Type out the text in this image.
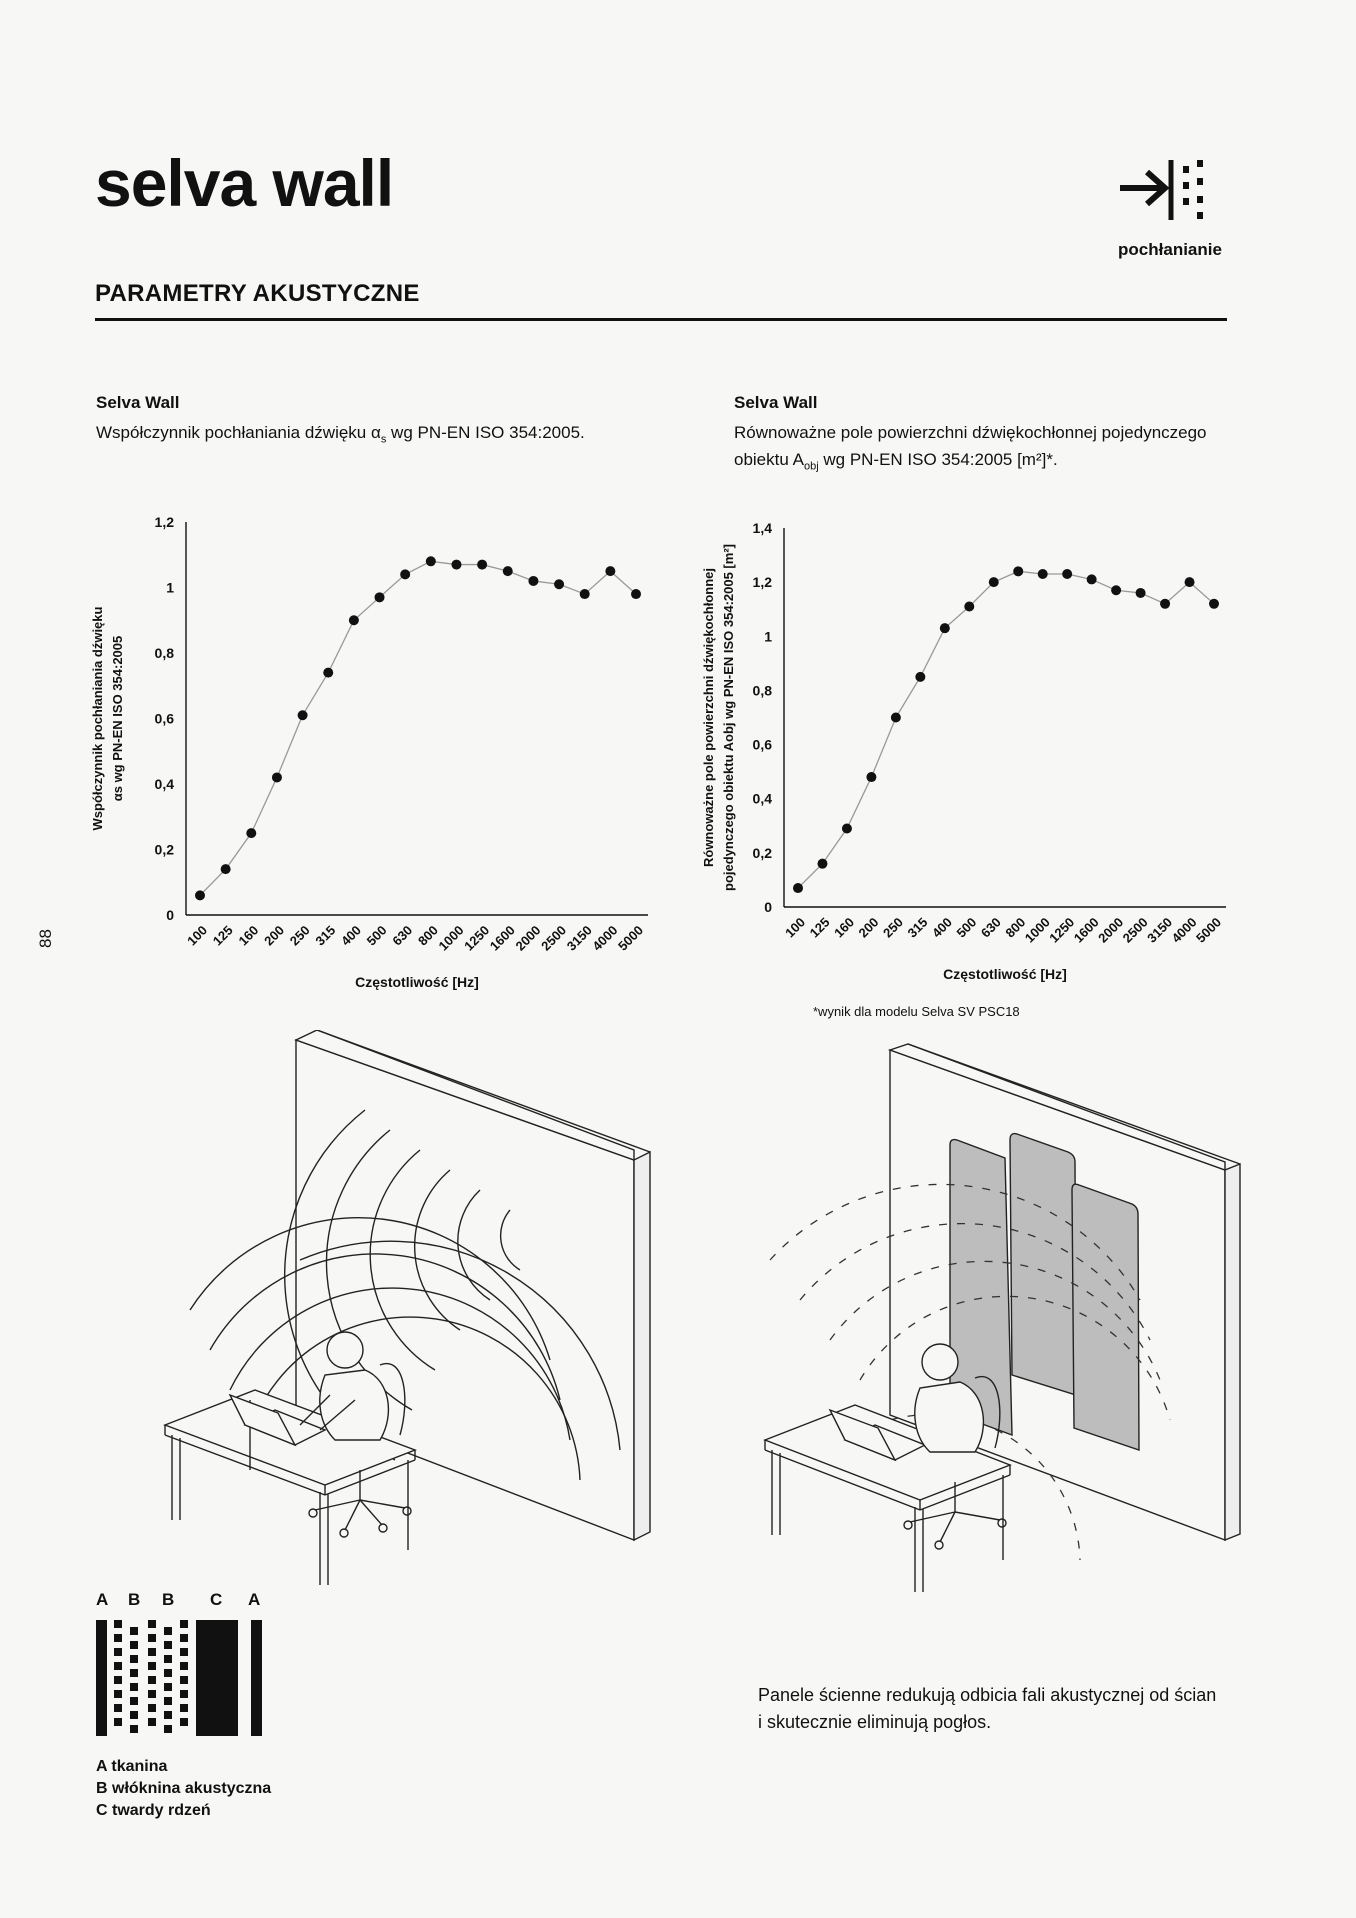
selva wall
pochłanianie
PARAMETRY AKUSTYCZNE
Selva Wall
Współczynnik pochłaniania dźwięku $\alpha_s$ wg PN-EN ISO 354:2005.
Selva Wall
Równoważne pole powierzchni dźwiękochłonnej pojedynczego
obiektu $A_{obj}$ wg PN-EN ISO 354:2005 [m²]*.
0
0,2
0,4
0,6
0,8
1
1,2
100 125 160 200 250 315 400 500 630 800
1000
1250
1600
2000
2500
3150
4000
5000
Częstotliwość [Hz]
Współczynnik pochłaniania dźwięku αs wg PN-EN ISO 354:2005
0
0,2
0,4
0,6
0,8
1
1,2
1,4
100
125
160
200
250
315
400
500
630
800
1000
1250
1600
2000
2500
3150
4000
5000
Częstotliwość [Hz]
Równoważne pole powierzchni dźwiękochłonnej pojedynczego obiektu Aobj wg PN-EN ISO 354:2005 [m²]
88
*wynik dla modelu Selva SV PSC18
A B B C A
A tkanina
B włóknina akustyczna
C twardy rdzeń
Panele ścienne redukują odbicia fali akustycznej od ścian
i skutecznie eliminują pogłos.
